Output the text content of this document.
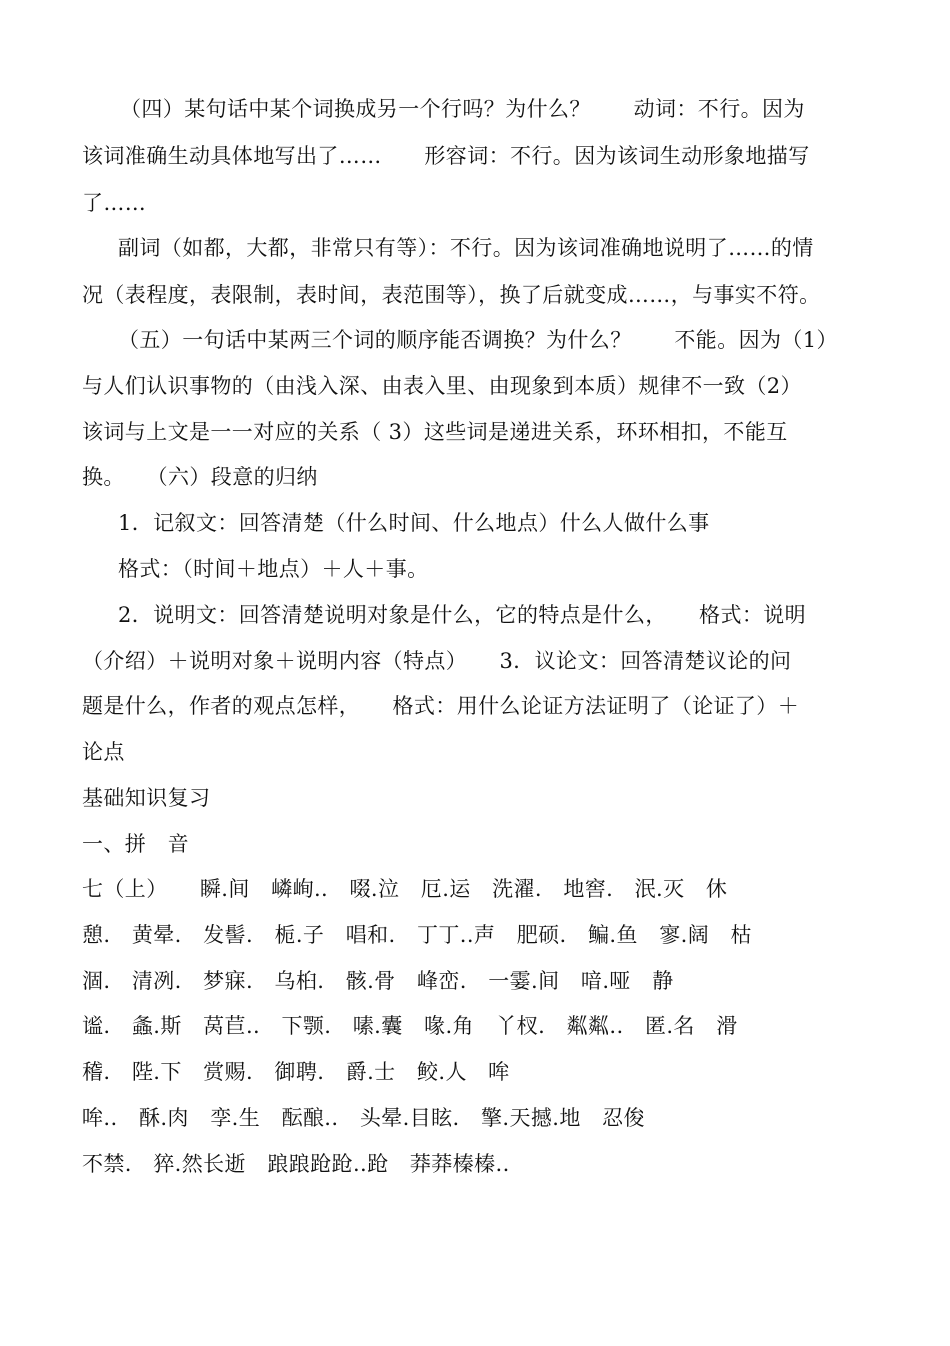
（四）某句话中某个词换成另一个行吗？为什么？　　动词：不行。因为
该词准确生动具体地写出了……　　形容词：不行。因为该词生动形象地描写
了……
副词（如都，大都，非常只有等）：不行。因为该词准确地说明了……的情
况（表程度，表限制，表时间，表范围等），换了后就变成……，与事实不符。
（五）一句话中某两三个词的顺序能否调换？为什么？　　不能。因为（1）
与人们认识事物的（由浅入深、由表入里、由现象到本质）规律不一致（2）
该词与上文是一一对应的关系（ 3）这些词是递进关系，环环相扣，不能互
换。　　（六）段意的归纳
1．记叙文：回答清楚（什么时间、什么地点）什么人做什么事
格式：（时间＋地点）＋人＋事。
2．说明文：回答清楚说明对象是什么，它的特点是什么，　　格式：说明
（介绍）＋说明对象＋说明内容（特点）　　3．议论文：回答清楚议论的问
题是什么，作者的观点怎样，　　格式：用什么论证方法证明了（论证了）＋
论点
基础知识复习
一、拼　音
七（上）　　瞬.间　嶙峋..　啜.泣　厄.运　洗濯.　地窖.　泯.灭　休
憩.　黄晕.　发髻.　栀.子　唱和.　丁丁..声　肥硕.　鳊.鱼　寥.阔　枯
涸.　清冽.　梦寐.　乌桕.　骸.骨　峰峦.　一霎.间　喑.哑　静
谧.　螽.斯　莴苣..　下颚.　嗉.囊　喙.角　丫杈.　粼粼..　匿.名　滑
稽.　陛.下　赏赐.　御聘.　爵.士　鲛.人　哞
哞..　酥.肉　孪.生　酝酿..　头晕.目眩.　擎.天撼.地　忍俊
不禁.　猝.然长逝　踉踉跄跄..跄　莽莽榛榛..
